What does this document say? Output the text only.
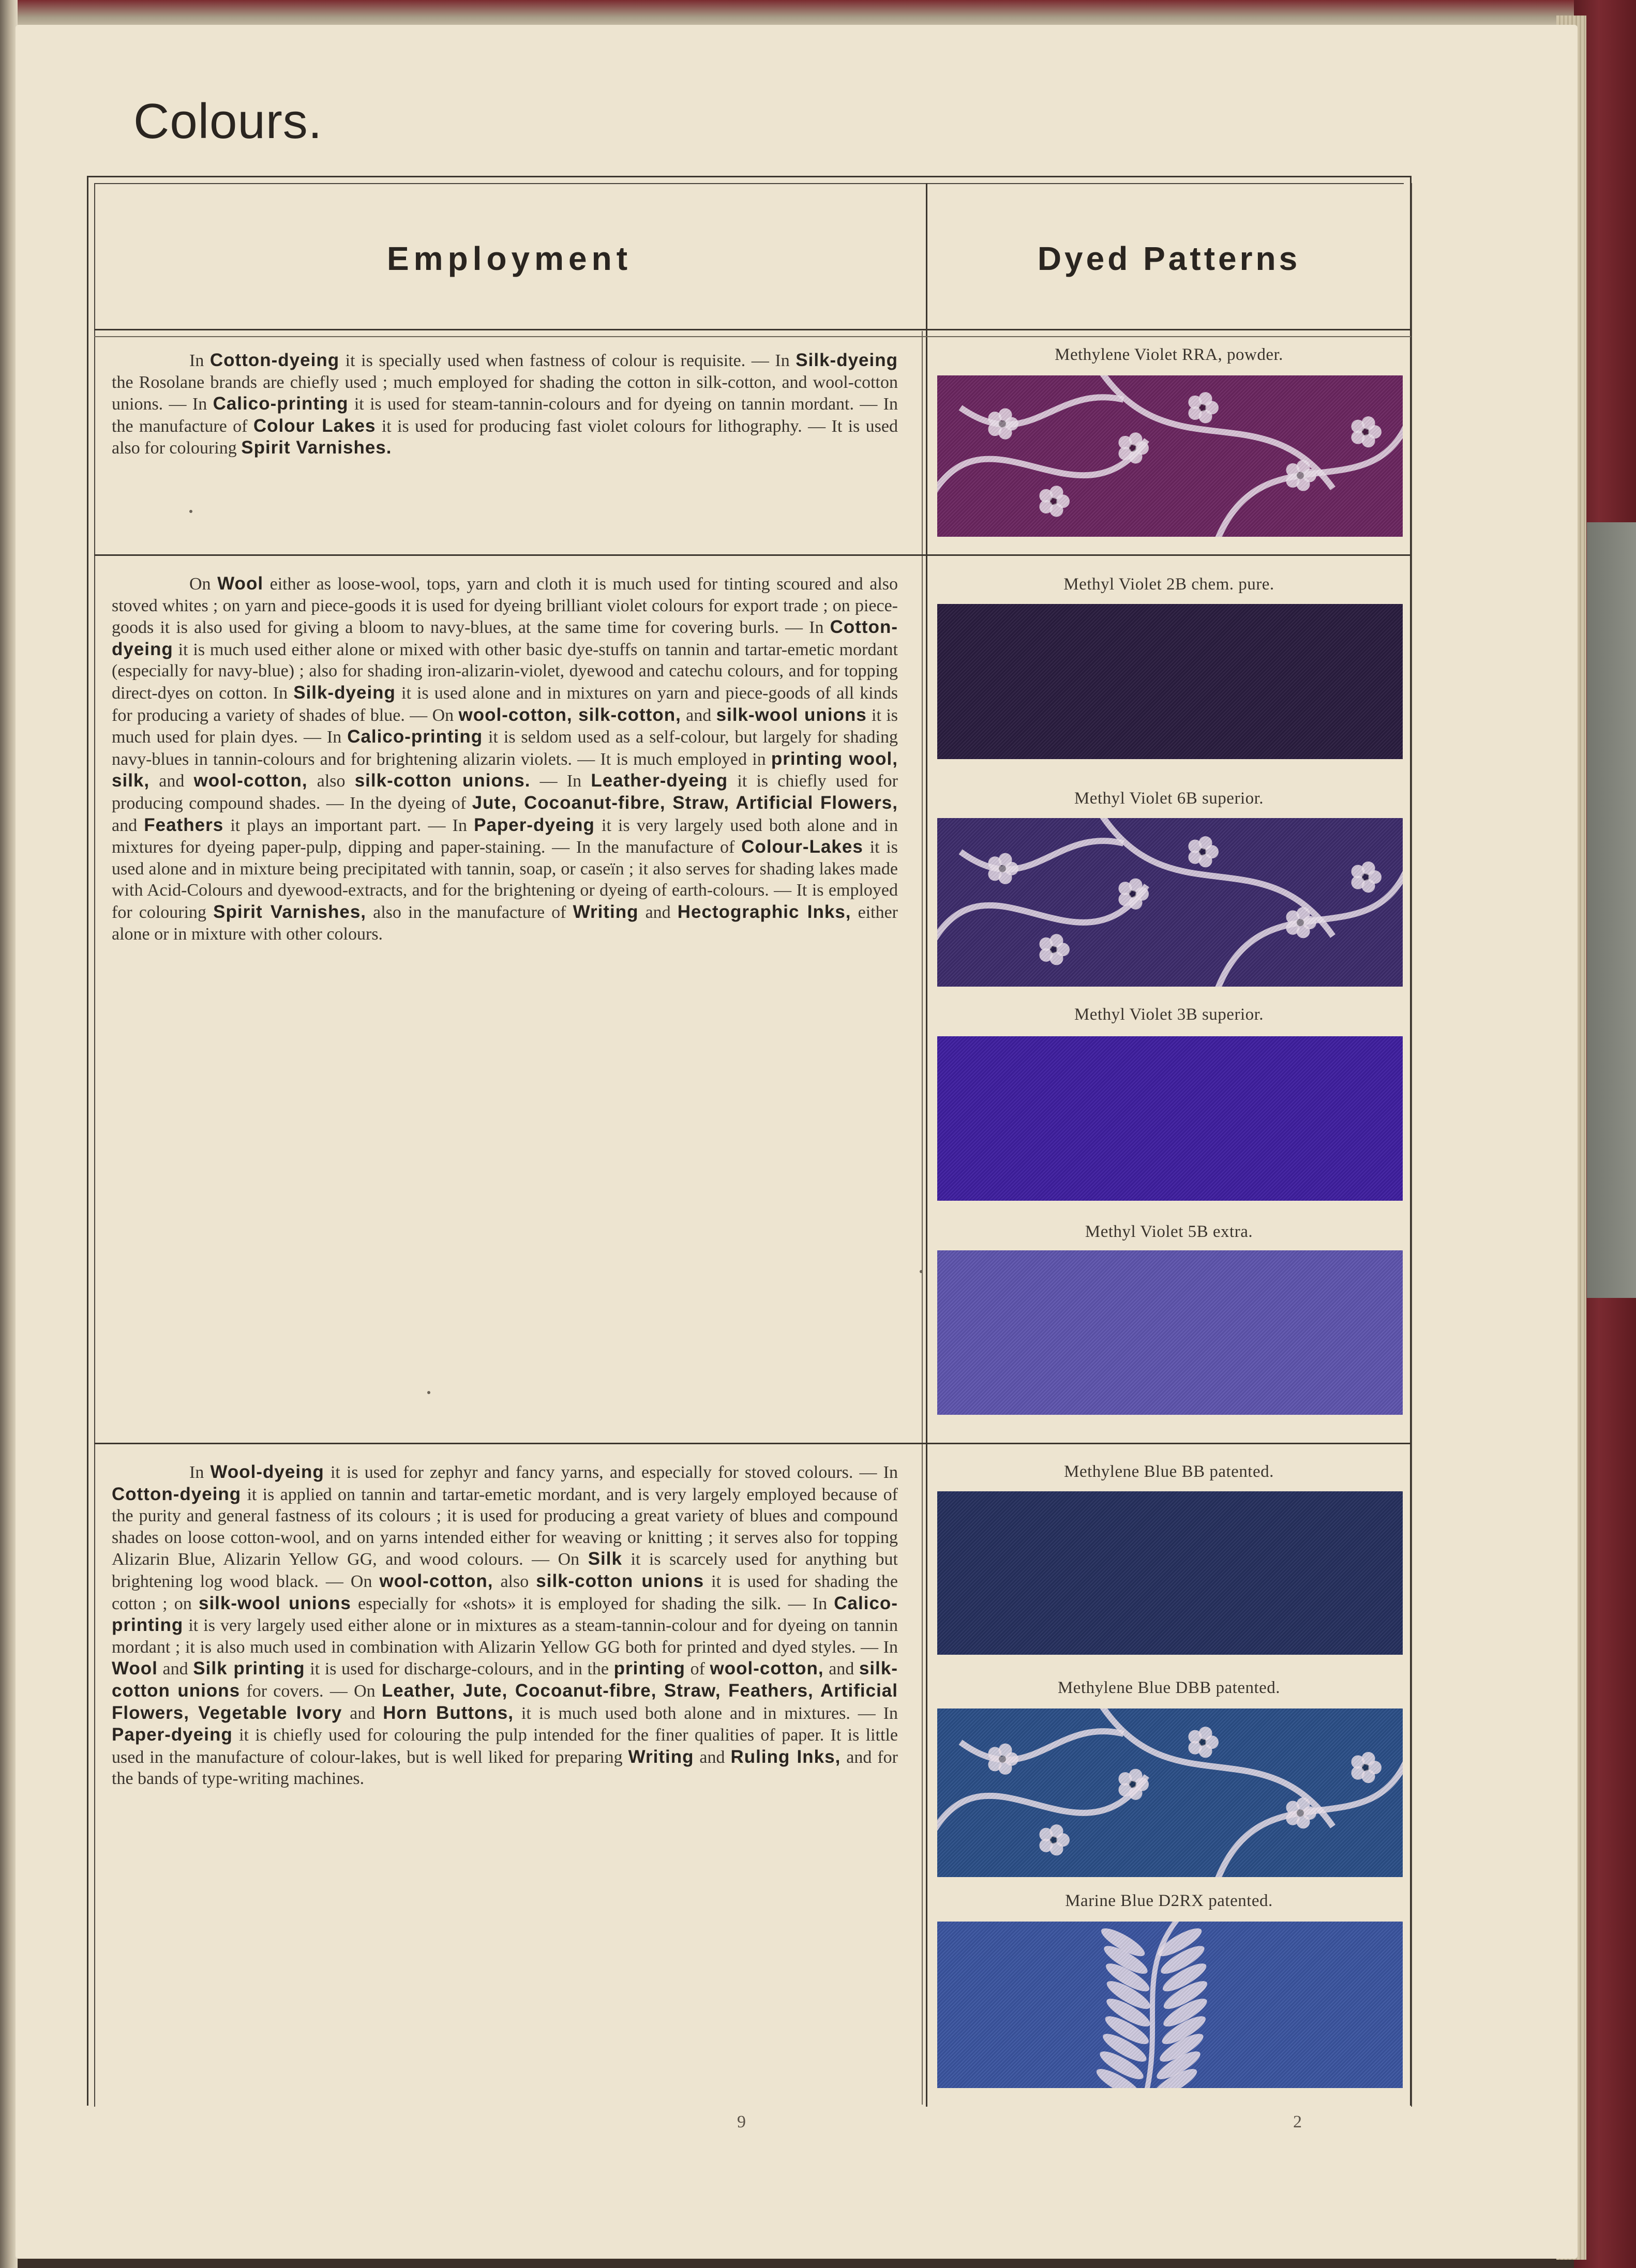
Colours.
Employment	Dyed Patterns

In Cotton-dyeing it is specially used when fastness of colour is requisite. — In Silk-dyeing the Rosolane brands are chiefly used ; much employed for shading the cotton in silk-cotton, and wool-cotton unions. — In Calico-printing it is used for steam-tannin-colours and for dyeing on tannin mordant. — In the manufacture of Colour Lakes it is used for producing fast violet colours for lithography. — It is used also for colouring Spirit Varnishes.

Methylene Violet RRA, powder.

On Wool either as loose-wool, tops, yarn and cloth it is much used for tinting scoured and also stoved whites ; on yarn and piece-goods it is used for dyeing brilliant violet colours for export trade ; on piece-goods it is also used for giving a bloom to navy-blues, at the same time for covering burls. — In Cotton-dyeing it is much used either alone or mixed with other basic dye-stuffs on tannin and tartar-emetic mordant (especially for navy-blue) ; also for shading iron-alizarin-violet, dyewood and catechu colours, and for topping direct-dyes on cotton. In Silk-dyeing it is used alone and in mixtures on yarn and piece-goods of all kinds for producing a variety of shades of blue. — On wool-cotton, silk-cotton, and silk-wool unions it is much used for plain dyes. — In Calico-printing it is seldom used as a self-colour, but largely for shading navy-blues in tannin-colours and for brightening alizarin violets. — It is much employed in printing wool, silk, and wool-cotton, also silk-cotton unions. — In Leather-dyeing it is chiefly used for producing compound shades. — In the dyeing of Jute, Cocoanut-fibre, Straw, Artificial Flowers, and Feathers it plays an important part. — In Paper-dyeing it is very largely used both alone and in mixtures for dyeing paper-pulp, dipping and paper-staining. — In the manufacture of Colour-Lakes it is used alone and in mixture being precipitated with tannin, soap, or caseïn ; it also serves for shading lakes made with Acid-Colours and dyewood-extracts, and for the brightening or dyeing of earth-colours. — It is employed for colouring Spirit Varnishes, also in the manufacture of Writing and Hectographic Inks, either alone or in mixture with other colours.

Methyl Violet 2B chem. pure.

Methyl Violet 6B superior.

Methyl Violet 3B superior.

Methyl Violet 5B extra.

In Wool-dyeing it is used for zephyr and fancy yarns, and especially for stoved colours. — In Cotton-dyeing it is applied on tannin and tartar-emetic mordant, and is very largely employed because of the purity and general fastness of its colours ; it is used for producing a great variety of blues and compound shades on loose cotton-wool, and on yarns intended either for weaving or knitting ; it serves also for topping Alizarin Blue, Alizarin Yellow GG, and wood colours. — On Silk it is scarcely used for anything but brightening log wood black. — On wool-cotton, also silk-cotton unions it is used for shading the cotton ; on silk-wool unions especially for «shots» it is employed for shading the silk. — In Calico-printing it is very largely used either alone or in mixtures as a steam-tannin-colour and for dyeing on tannin mordant ; it is also much used in combination with Alizarin Yellow GG both for printed and dyed styles. — In Wool and Silk printing it is used for discharge-colours, and in the printing of wool-cotton, and silk-cotton unions for covers. — On Leather, Jute, Cocoanut-fibre, Straw, Feathers, Artificial Flowers, Vegetable Ivory and Horn Buttons, it is much used both alone and in mixtures. — In Paper-dyeing it is chiefly used for colouring the pulp intended for the finer qualities of paper. It is little used in the manufacture of colour-lakes, but is well liked for preparing Writing and Ruling Inks, and for the bands of type-writing machines.

Methylene Blue BB patented.

Methylene Blue DBB patented.

Marine Blue D2RX patented.

9	2
